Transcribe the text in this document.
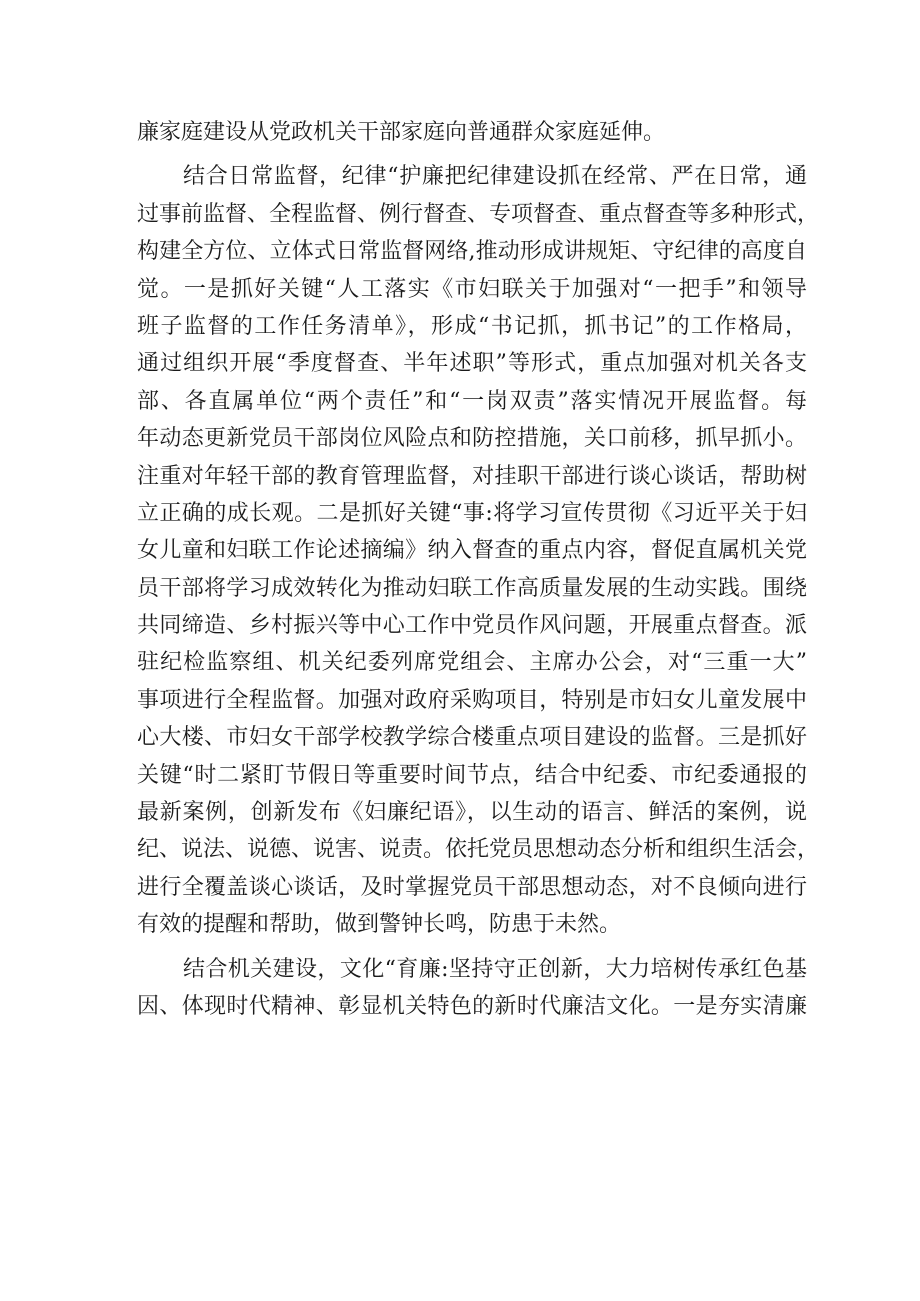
廉家庭建设从党政机关干部家庭向普通群众家庭延伸。
结合日常监督，纪律“护廉把纪律建设抓在经常、严在日常，通
过事前监督、全程监督、例行督查、专项督查、重点督查等多种形式，
构建全方位、立体式日常监督网络,推动形成讲规矩、守纪律的高度自
觉。一是抓好关键“人工落实《市妇联关于加强对“一把手”和领导
班子监督的工作任务清单》，形成“书记抓，抓书记”的工作格局，
通过组织开展“季度督查、半年述职”等形式，重点加强对机关各支
部、各直属单位“两个责任”和“一岗双责”落实情况开展监督。每
年动态更新党员干部岗位风险点和防控措施，关口前移，抓早抓小。
注重对年轻干部的教育管理监督，对挂职干部进行谈心谈话，帮助树
立正确的成长观。二是抓好关键“事:将学习宣传贯彻《习近平关于妇
女儿童和妇联工作论述摘编》纳入督查的重点内容，督促直属机关党
员干部将学习成效转化为推动妇联工作高质量发展的生动实践。围绕
共同缔造、乡村振兴等中心工作中党员作风问题，开展重点督查。派
驻纪检监察组、机关纪委列席党组会、主席办公会，对“三重一大”
事项进行全程监督。加强对政府采购项目，特别是市妇女儿童发展中
心大楼、市妇女干部学校教学综合楼重点项目建设的监督。三是抓好
关键“时二紧盯节假日等重要时间节点，结合中纪委、市纪委通报的
最新案例，创新发布《妇廉纪语》，以生动的语言、鲜活的案例，说
纪、说法、说德、说害、说责。依托党员思想动态分析和组织生活会，
进行全覆盖谈心谈话，及时掌握党员干部思想动态，对不良倾向进行
有效的提醒和帮助，做到警钟长鸣，防患于未然。
结合机关建设，文化“育廉:坚持守正创新，大力培树传承红色基
因、体现时代精神、彰显机关特色的新时代廉洁文化。一是夯实清廉
